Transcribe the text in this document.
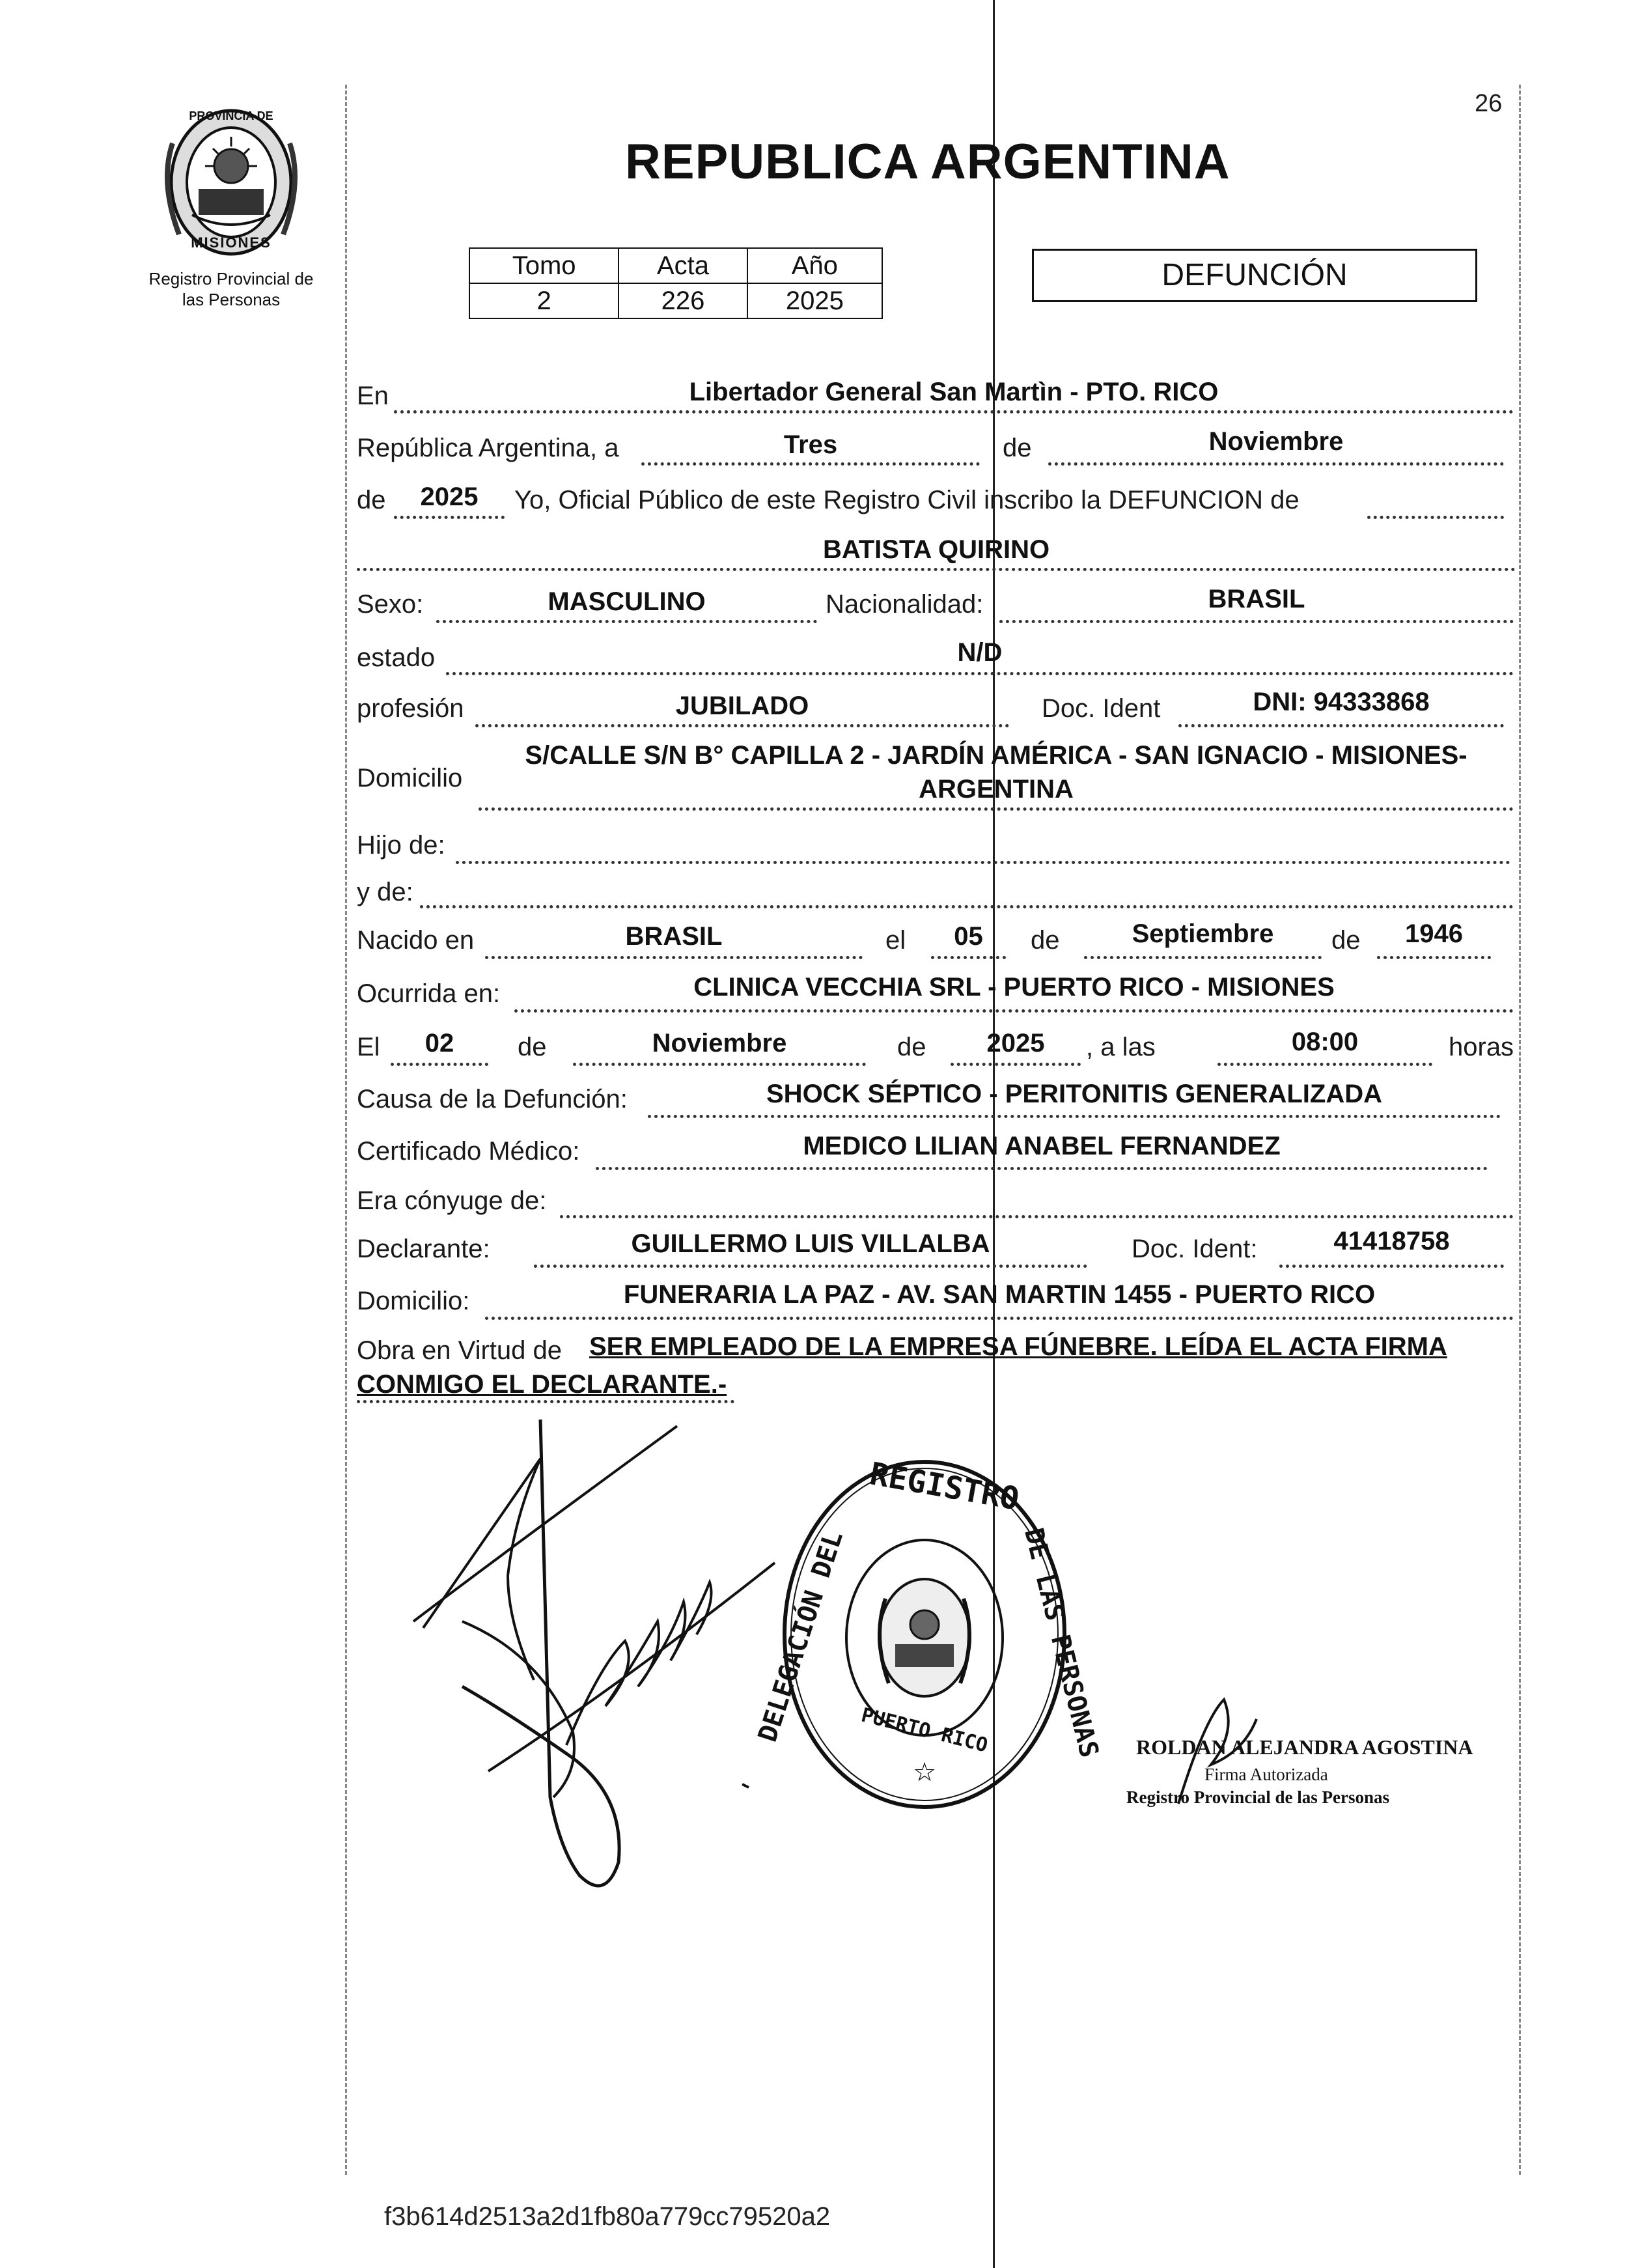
26
PROVINCIA DE
MISIONES
Registro Provincial de
las Personas
REPUBLICA ARGENTINA
Tomo	Acta	Año
2	226	2025
DEFUNCIÓN
En	Libertador General San Martìn - PTO. RICO
República Argentina, a	Tres	de	Noviembre
de	2025	Yo, Oficial Público de este Registro Civil inscribo la DEFUNCION de
BATISTA QUIRINO
Sexo:	MASCULINO	Nacionalidad:	BRASIL
estado	N/D
profesión	JUBILADO	Doc. Ident	DNI: 94333868
Domicilio
S/CALLE S/N B° CAPILLA 2 - JARDÍN AMÉRICA - SAN IGNACIO - MISIONES-
ARGENTINA
Hijo de:
y de:
Nacido en	BRASIL	el	05	de	Septiembre	de	1946
Ocurrida en:	CLINICA VECCHIA SRL - PUERTO RICO - MISIONES
El	02	de	Noviembre	de	2025	, a las	08:00	horas
Causa de la Defunción:	SHOCK SÉPTICO - PERITONITIS GENERALIZADA
Certificado Médico:	MEDICO LILIAN ANABEL FERNANDEZ
Era cónyuge de:
Declarante:	GUILLERMO LUIS VILLALBA	Doc. Ident:	41418758
Domicilio:	FUNERARIA LA PAZ - AV. SAN MARTIN 1455 - PUERTO RICO
Obra en Virtud de SER EMPLEADO DE LA EMPRESA FÚNEBRE. LEÍDA EL ACTA FIRMA
CONMIGO EL DECLARANTE.-
☆
REGISTRO
DELEGACIÓN DEL	DE LAS PERSONAS
PUERTO RICO	ROLDAN ALEJANDRA AGOSTINA
Firma Autorizada
Registro Provincial de las Personas
f3b614d2513a2d1fb80a779cc79520a2
